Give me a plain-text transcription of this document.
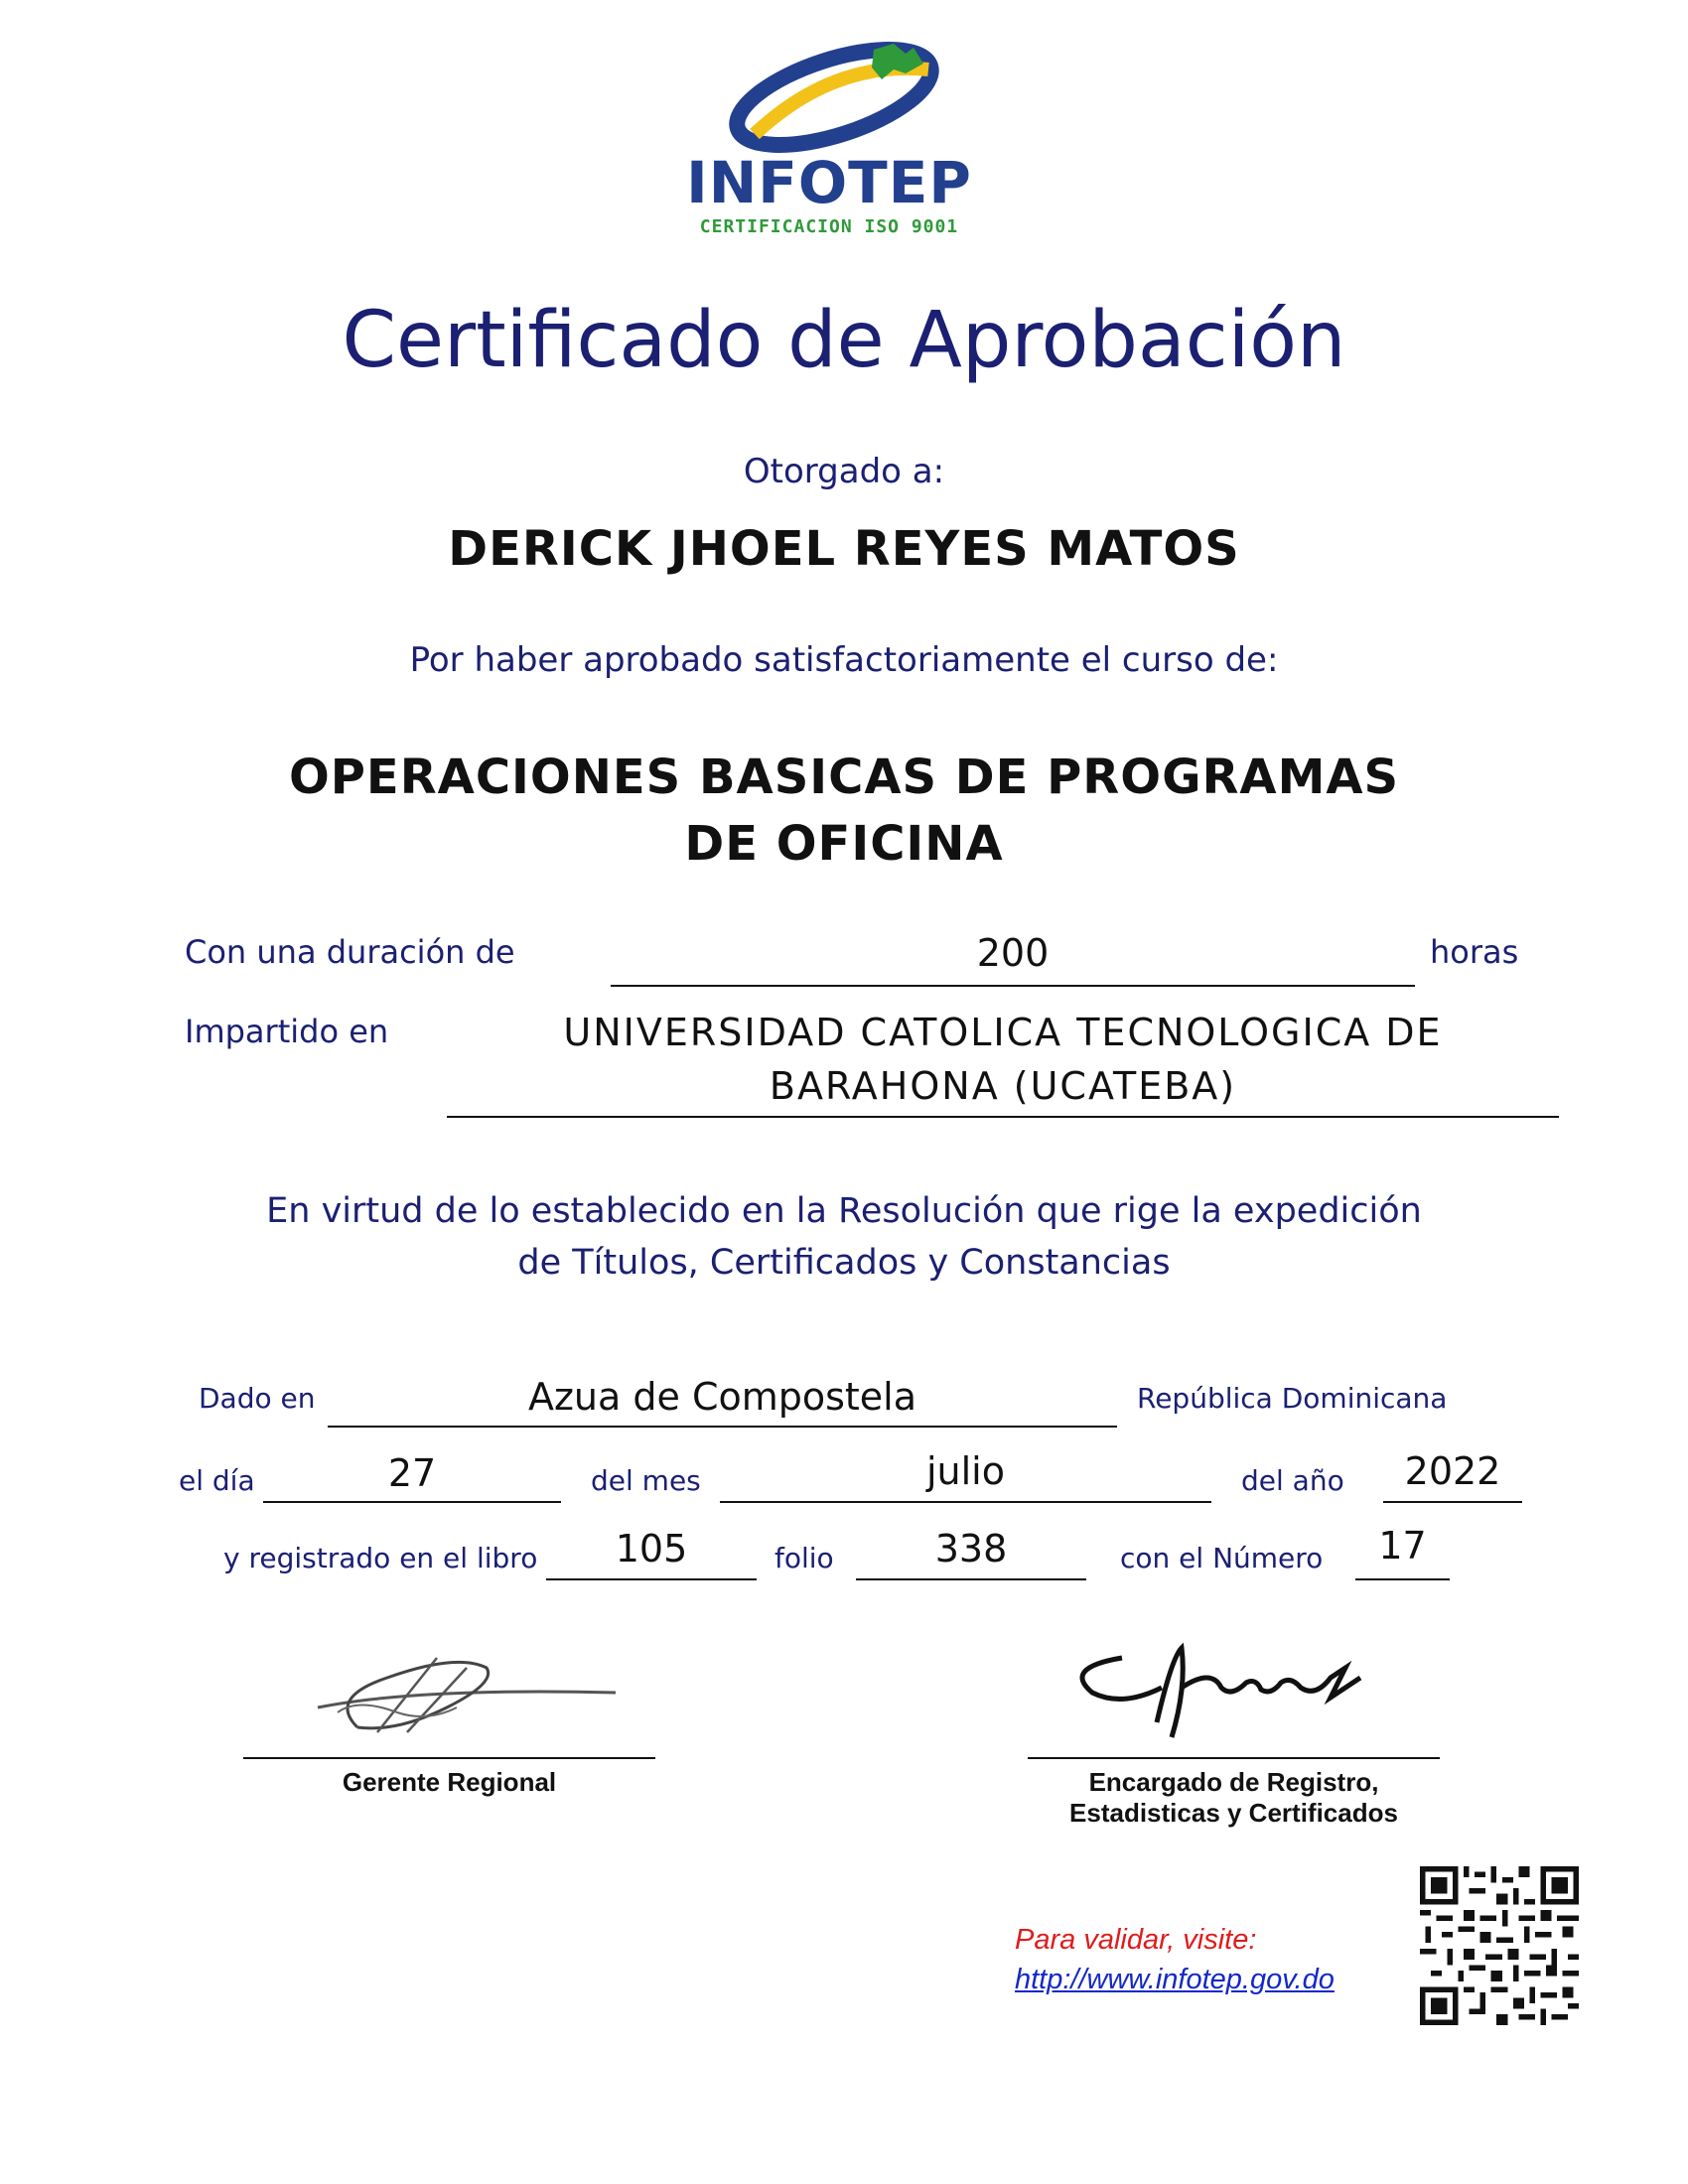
INFOTEP
CERTIFICACION ISO 9001
Certificado de Aprobación
Otorgado a:
DERICK JHOEL REYES MATOS
Por haber aprobado satisfactoriamente el curso de:
OPERACIONES BASICAS DE PROGRAMAS
DE OFICINA
Con una duración de	200	horas
Impartido en	UNIVERSIDAD CATOLICA TECNOLOGICA DE
BARAHONA (UCATEBA)
En virtud de lo establecido en la Resolución que rige la expedición
de Títulos, Certificados y Constancias
Dado en	Azua de Compostela	República Dominicana
el día	27	del mes	julio	del año	2022
y registrado en el libro	105	folio	338	con el Número	17
Gerente Regional	Encargado de Registro,
Estadisticas y Certificados
Para validar, visite:
http://www.infotep.gov.do
